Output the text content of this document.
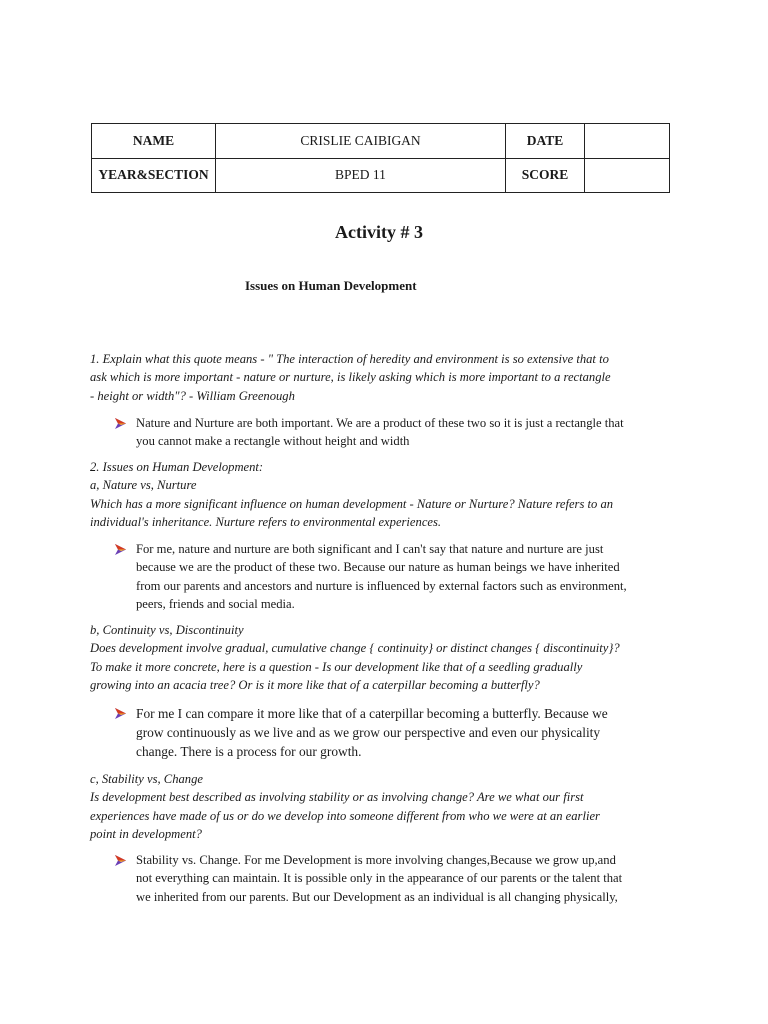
NAME	CRISLIE CAIBIGAN	DATE	
YEAR&SECTION	BPED 11	SCORE	
Activity # 3
Issues on Human Development
1. Explain what this quote means - " The interaction of heredity and environment is so extensive that to
ask which is more important - nature or nurture, is likely asking which is more important to a rectangle
- height or width"? - William Greenough
Nature and Nurture are both important. We are a product of these two so it is just a rectangle that
you cannot make a rectangle without height and width
2. Issues on Human Development:
a, Nature vs, Nurture
Which has a more significant influence on human development - Nature or Nurture? Nature refers to an
individual's inheritance. Nurture refers to environmental experiences.
For me, nature and nurture are both significant and I can't say that nature and nurture are just
because we are the product of these two. Because our nature as human beings we have inherited
from our parents and ancestors and nurture is influenced by external factors such as environment,
peers, friends and social media.
b, Continuity vs, Discontinuity
Does development involve gradual, cumulative change { continuity} or distinct changes { discontinuity}?
To make it more concrete, here is a question - Is our development like that of a seedling gradually
growing into an acacia tree? Or is it more like that of a caterpillar becoming a butterfly?
For me I can compare it more like that of a caterpillar becoming a butterfly. Because we
grow continuously as we live and as we grow our perspective and even our physicality
change. There is a process for our growth.
c, Stability vs, Change
Is development best described as involving stability or as involving change? Are we what our first
experiences have made of us or do we develop into someone different from who we were at an earlier
point in development?
Stability vs. Change. For me Development is more involving changes,Because we grow up,and
not everything can maintain. It is possible only in the appearance of our parents or the talent that
we inherited from our parents. But our Development as an individual is all changing physically,
